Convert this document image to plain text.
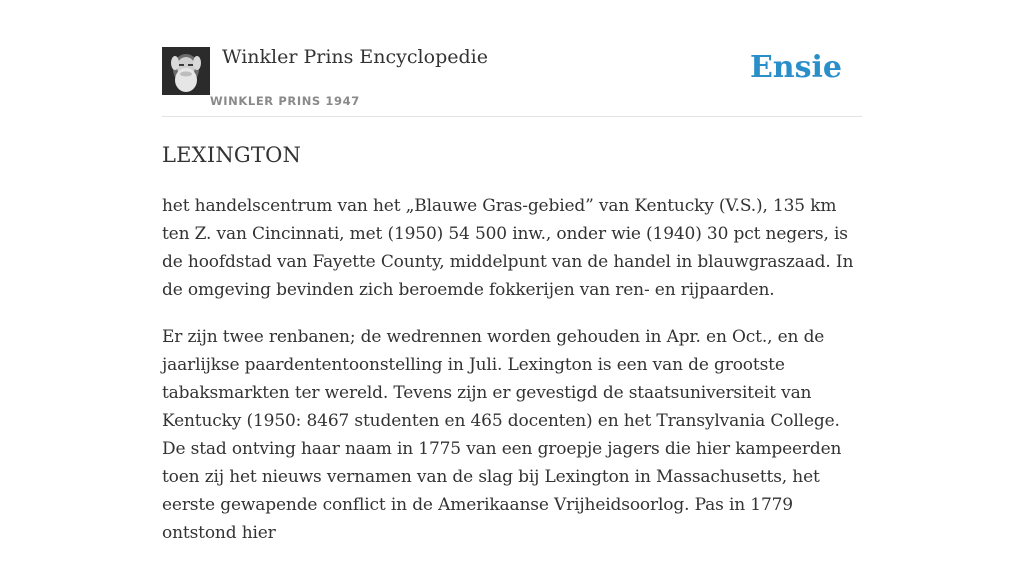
Winkler Prins Encyclopedie
WINKLER PRINS 1947
Ensie
LEXINGTON

het handelscentrum van het „Blauwe Gras-gebied” van Kentucky (V.S.), 135 km ten Z. van Cincinnati, met (1950) 54 500 inw., onder wie (1940) 30 pct negers, is de hoofdstad van Fayette County, middelpunt van de handel in blauwgraszaad. In de omgeving bevinden zich beroemde fokkerijen van ren- en rijpaarden.

Er zijn twee renbanen; de wedrennen worden gehouden in Apr. en Oct., en de jaarlijkse paardententoonstelling in Juli. Lexington is een van de grootste tabaksmarkten ter wereld. Tevens zijn er gevestigd de staatsuniversiteit van Kentucky (1950: 8467 studenten en 465 docenten) en het Transylvania College. De stad ontving haar naam in 1775 van een groepje jagers die hier kampeerden toen zij het nieuws vernamen van de slag bij Lexington in Massachusetts, het eerste gewapende conflict in de Amerikaanse Vrijheidsoorlog. Pas in 1779 ontstond hier
